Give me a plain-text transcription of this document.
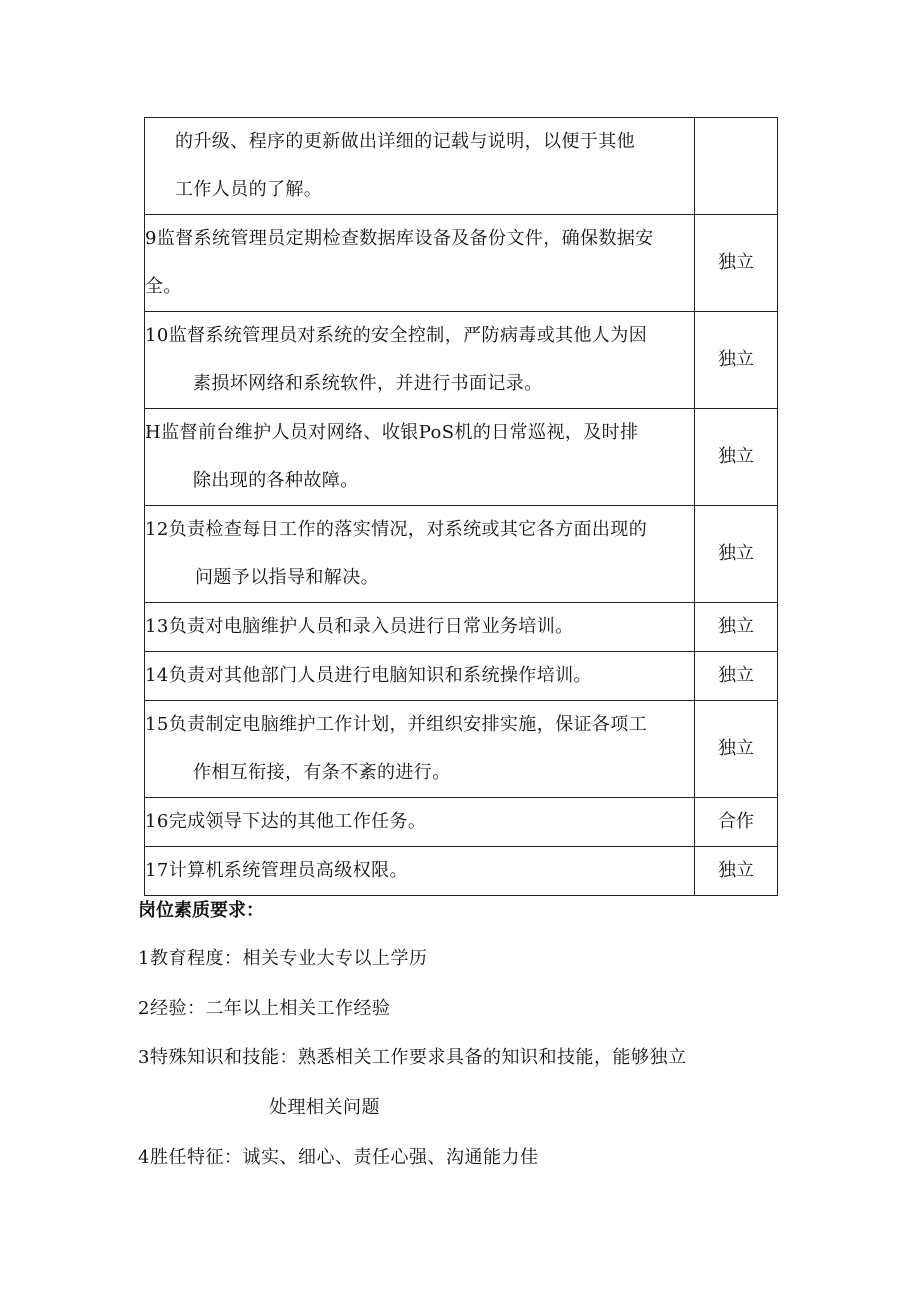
的升级、程序的更新做出详细的记载与说明，以便于其他
工作人员的了解。	

9监督系统管理员定期检查数据库设备及备份文件，确保数据安
全。	独立

10监督系统管理员对系统的安全控制，严防病毒或其他人为因
素损坏网络和系统软件，并进行书面记录。	独立

H监督前台维护人员对网络、收银PoS机的日常巡视，及时排
除出现的各种故障。	独立

12负责检查每日工作的落实情况，对系统或其它各方面出现的
问题予以指导和解决。	独立

13负责对电脑维护人员和录入员进行日常业务培训。	独立

14负责对其他部门人员进行电脑知识和系统操作培训。	独立

15负责制定电脑维护工作计划，并组织安排实施，保证各项工
作相互衔接，有条不紊的进行。	独立

16完成领导下达的其他工作任务。	合作

17计算机系统管理员高级权限。	独立
岗位素质要求：
1教育程度：相关专业大专以上学历
2经验：二年以上相关工作经验
3特殊知识和技能：熟悉相关工作要求具备的知识和技能，能够独立
处理相关问题
4胜任特征：诚实、细心、责任心强、沟通能力佳
